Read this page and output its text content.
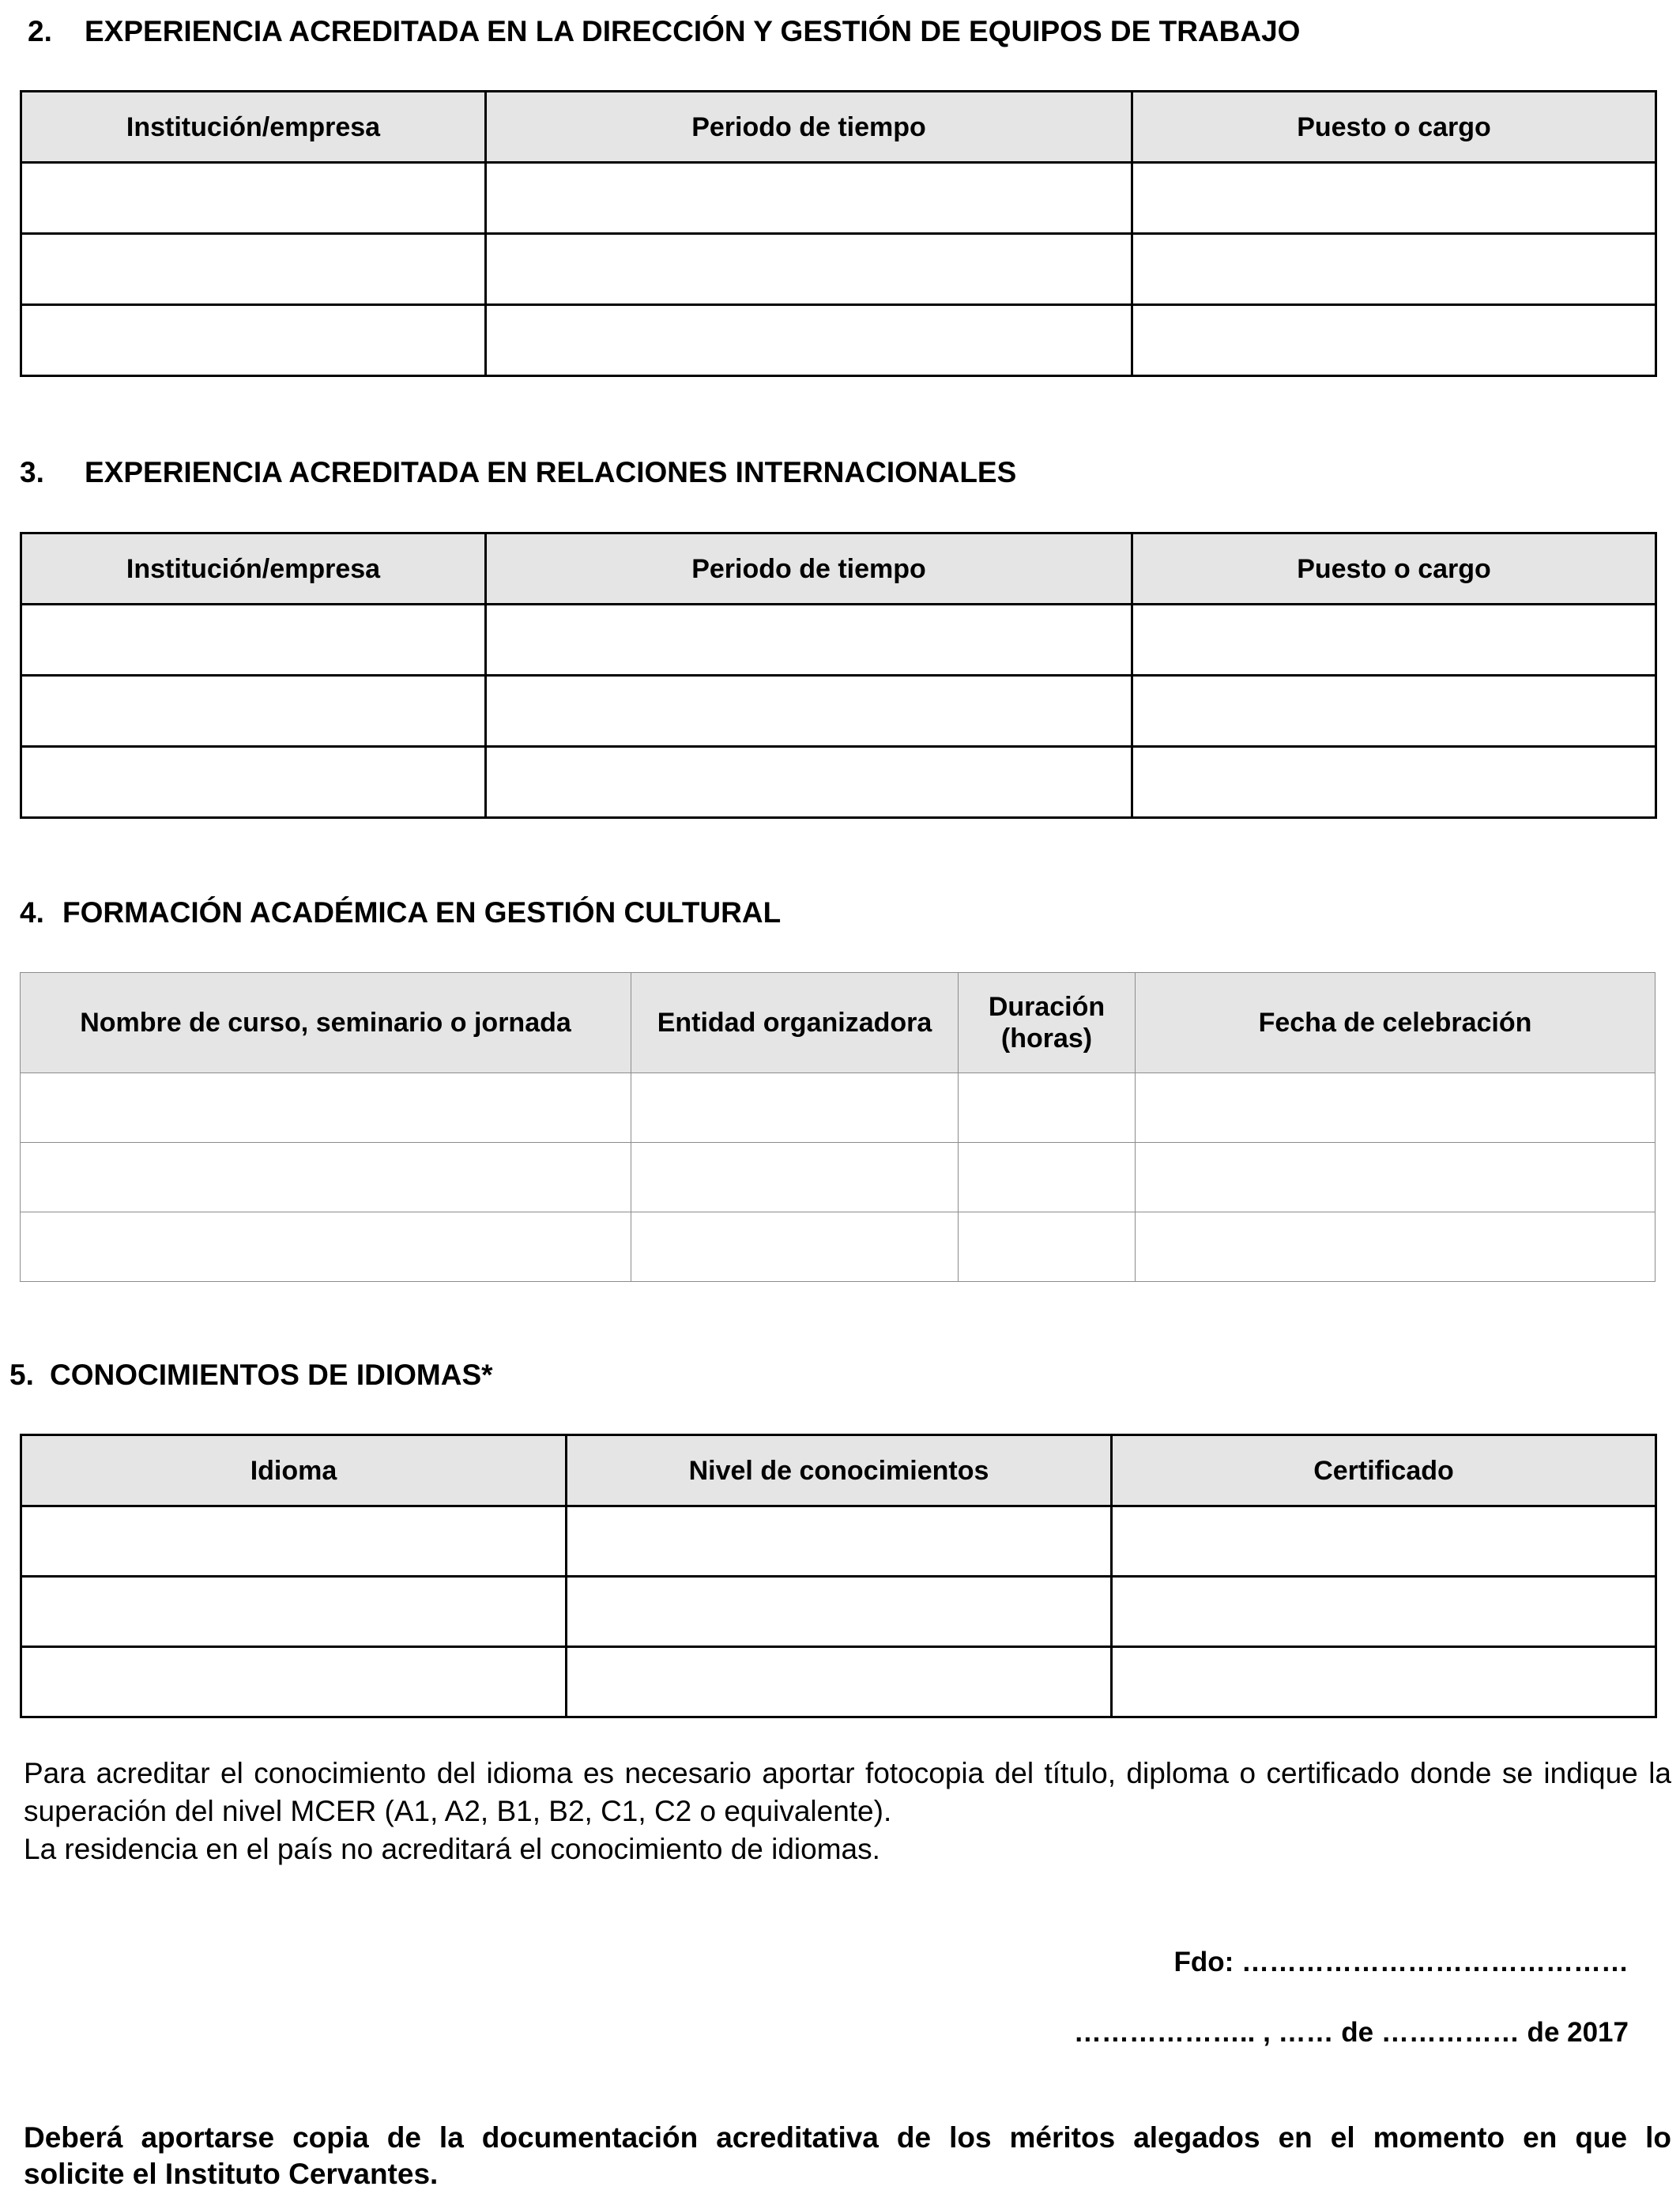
2. EXPERIENCIA ACREDITADA EN LA DIRECCIÓN Y GESTIÓN DE EQUIPOS DE TRABAJO
Institución/empresa	Periodo de tiempo	Puesto o cargo

3. EXPERIENCIA ACREDITADA EN RELACIONES INTERNACIONALES
Institución/empresa	Periodo de tiempo	Puesto o cargo

4. FORMACIÓN ACADÉMICA EN GESTIÓN CULTURAL
Nombre de curso, seminario o jornada	Entidad organizadora	Duración (horas)	Fecha de celebración

5. CONOCIMIENTOS DE IDIOMAS*
Idioma	Nivel de conocimientos	Certificado

Para acreditar el conocimiento del idioma es necesario aportar fotocopia del título, diploma o certificado donde se indique la superación del nivel MCER (A1, A2, B1, B2, C1, C2 o equivalente).

La residencia en el país no acreditará el conocimiento de idiomas.

Fdo: ……………………………………
……………….. , …… de …………… de 2017
Deberá aportarse copia de la documentación acreditativa de los méritos alegados en el momento en que lo
solicite el Instituto Cervantes.
